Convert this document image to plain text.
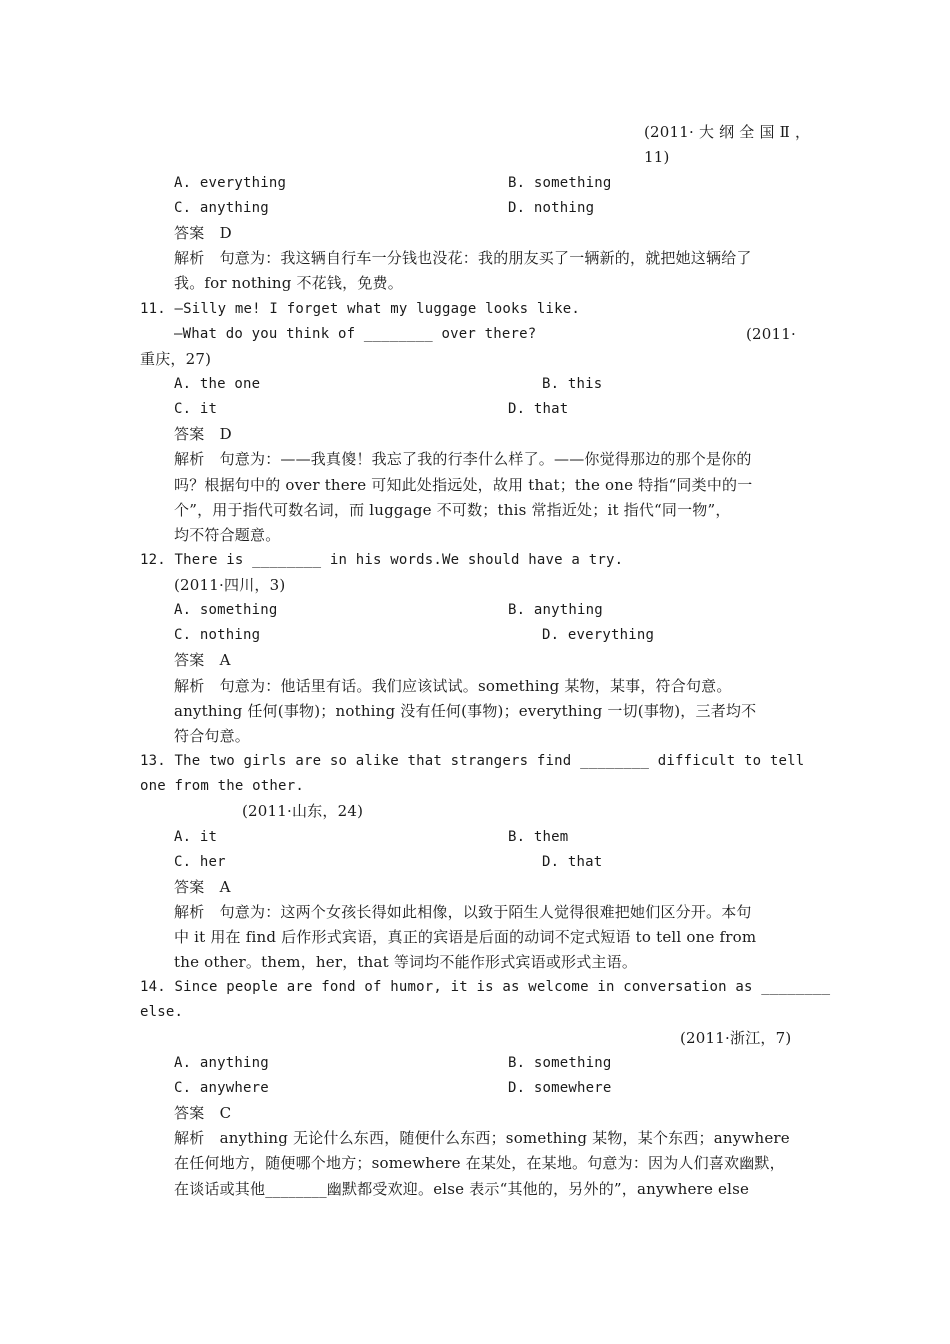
(2011· 大 纲 全 国 Ⅱ ，
11)
A. everything	B. something
C. anything	D. nothing
答案　D
解析　句意为：我这辆自行车一分钱也没花：我的朋友买了一辆新的，就把她这辆给了
我。for nothing 不花钱，免费。
11. —Silly me! I forget what my luggage looks like.
—What do you think of ________ over there?	(2011·
重庆，27)
A. the one	B. this
C. it	D. that
答案　D
解析　句意为：——我真傻！我忘了我的行李什么样了。——你觉得那边的那个是你的
吗？根据句中的 over there 可知此处指远处，故用 that；the one 特指“同类中的一
个”，用于指代可数名词，而 luggage 不可数；this 常指近处；it 指代“同一物”，
均不符合题意。
12. There is ________ in his words.We should have a try.
(2011·四川，3)
A. something	B. anything
C. nothing	D. everything
答案　A
解析　句意为：他话里有话。我们应该试试。something 某物，某事，符合句意。
anything 任何(事物)；nothing 没有任何(事物)；everything 一切(事物)，三者均不
符合句意。
13. The two girls are so alike that strangers find ________ difficult to tell
one from the other.
(2011·山东，24)
A. it	B. them
C. her	D. that
答案　A
解析　句意为：这两个女孩长得如此相像，以致于陌生人觉得很难把她们区分开。本句
中 it 用在 find 后作形式宾语，真正的宾语是后面的动词不定式短语 to tell one from
the other。them，her，that 等词均不能作形式宾语或形式主语。
14. Since people are fond of humor, it is as welcome in conversation as ________
else.
(2011·浙江，7)
A. anything	B. something
C. anywhere	D. somewhere
答案　C
解析　anything 无论什么东西，随便什么东西；something 某物，某个东西；anywhere
在任何地方，随便哪个地方；somewhere 在某处，在某地。句意为：因为人们喜欢幽默，
在谈话或其他________幽默都受欢迎。else 表示“其他的，另外的”，anywhere else
